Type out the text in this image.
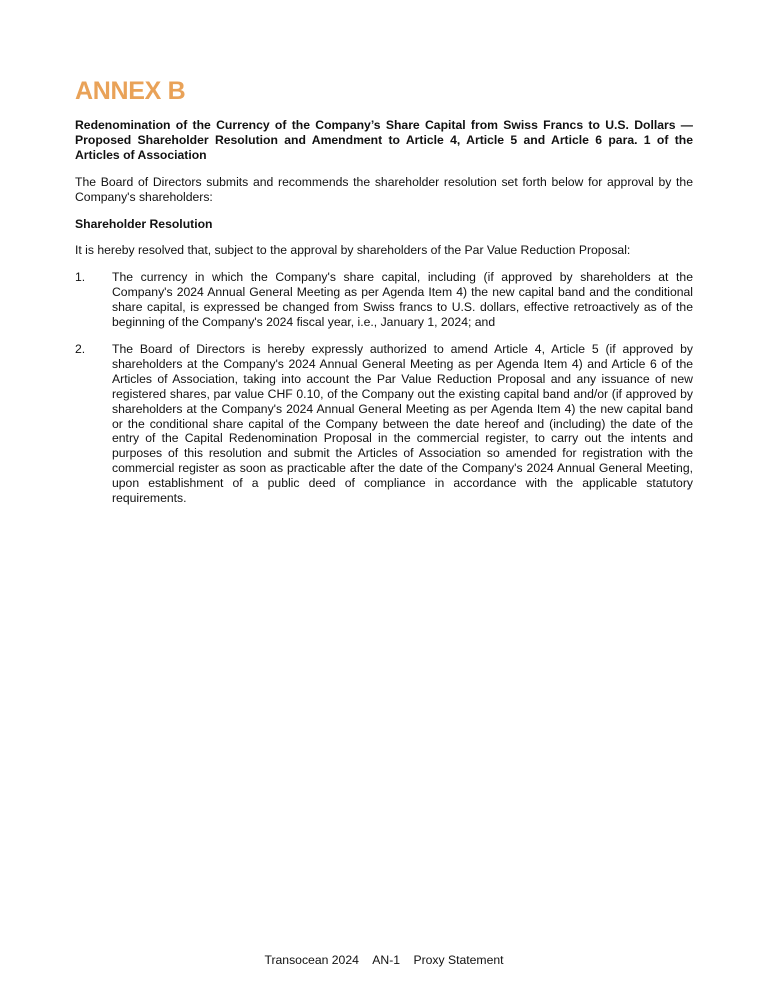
ANNEX B
Redenomination of the Currency of the Company’s Share Capital from Swiss Francs to U.S. Dollars — Proposed Shareholder Resolution and Amendment to Article 4, Article 5 and Article 6 para. 1 of the Articles of Association

The Board of Directors submits and recommends the shareholder resolution set forth below for approval by the Company's shareholders:

Shareholder Resolution

It is hereby resolved that, subject to the approval by shareholders of the Par Value Reduction Proposal:

1.	The currency in which the Company's share capital, including (if approved by shareholders at the Company's 2024 Annual General Meeting as per Agenda Item 4) the new capital band and the conditional share capital, is expressed be changed from Swiss francs to U.S. dollars, effective retroactively as of the beginning of the Company's 2024 fiscal year, i.e., January 1, 2024; and
2.	The Board of Directors is hereby expressly authorized to amend Article 4, Article 5 (if approved by shareholders at the Company's 2024 Annual General Meeting as per Agenda Item 4) and Article 6 of the Articles of Association, taking into account the Par Value Reduction Proposal and any issuance of new registered shares, par value CHF 0.10, of the Company out the existing capital band and/or (if approved by shareholders at the Company's 2024 Annual General Meeting as per Agenda Item 4) the new capital band or the conditional share capital of the Company between the date hereof and (including) the date of the entry of the Capital Redenomination Proposal in the commercial register, to carry out the intents and purposes of this resolution and submit the Articles of Association so amended for registration with the commercial register as soon as practicable after the date of the Company's 2024 Annual General Meeting, upon establishment of a public deed of compliance in accordance with the applicable statutory requirements.
Transocean 2024 AN-1 Proxy Statement
